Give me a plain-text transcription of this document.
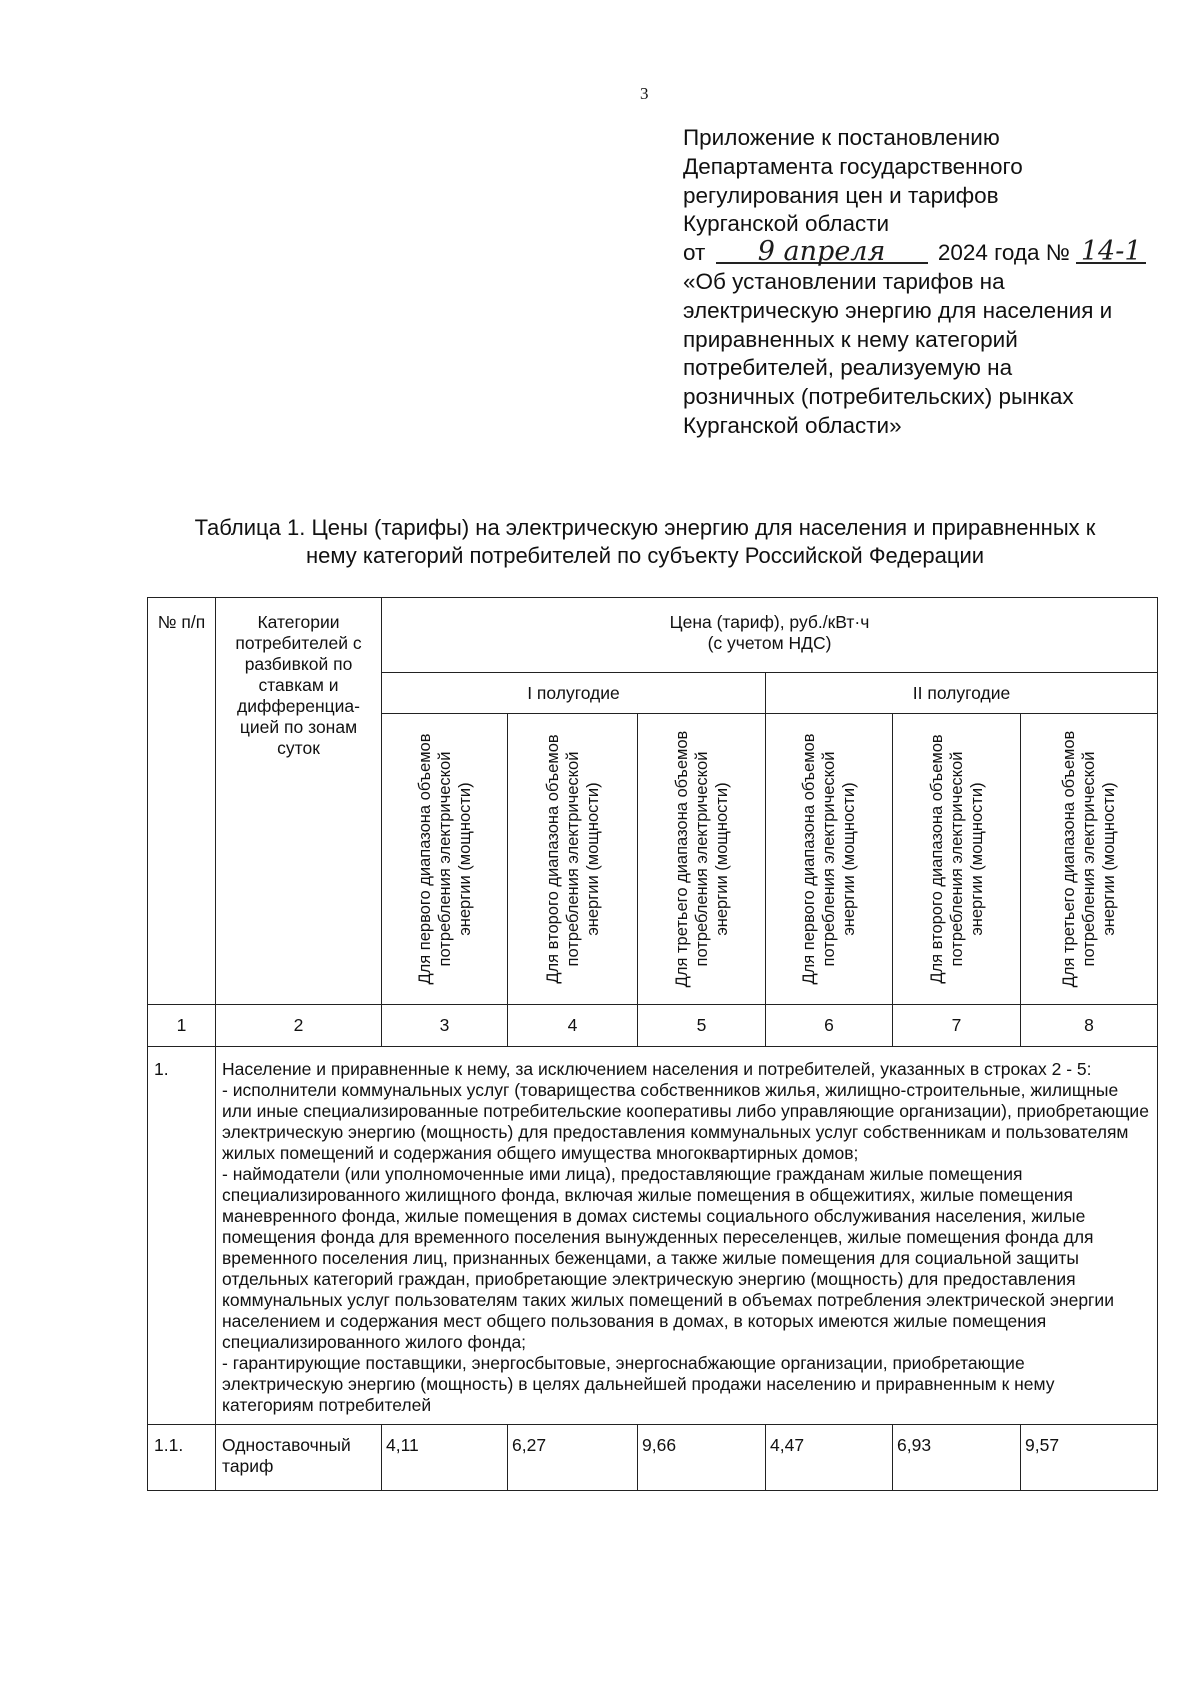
3
Приложение к постановлению
Департамента государственного
регулирования цен и тарифов
Курганской области
от 9 апреля 2024 года № 14-1
«Об установлении тарифов на
электрическую энергию для населения и
приравненных к нему категорий
потребителей, реализуемую на
розничных (потребительских) рынках
Курганской области»
Таблица 1. Цены (тарифы) на электрическую энергию для населения и приравненных к
нему категорий потребителей по субъекту Российской Федерации
№ п/п	Категории потребителей с разбивкой по ставкам и дифференциа-цией по зонам суток	Цена (тариф), руб./кВт·ч
(с учетом НДС)					

		I полугодие			II полугодие		

		Для первого диапазона объемов потребления электрической энергии (мощности)	Для второго диапазона объемов потребления электрической энергии (мощности)	Для третьего диапазона объемов потребления электрической энергии (мощности)	Для первого диапазона объемов потребления электрической энергии (мощности)	Для второго диапазона объемов потребления электрической энергии (мощности)	Для третьего диапазона объемов потребления электрической энергии (мощности)

1	2	3	4	5	6	7	8
1.	Население и приравненные к нему, за исключением населения и потребителей, указанных в строках 2 - 5:
- исполнители коммунальных услуг (товарищества собственников жилья, жилищно-строительные, жилищные или иные специализированные потребительские кооперативы либо управляющие организации), приобретающие электрическую энергию (мощность) для предоставления коммунальных услуг собственникам и пользователям жилых помещений и содержания общего имущества многоквартирных домов;
- наймодатели (или уполномоченные ими лица), предоставляющие гражданам жилые помещения специализированного жилищного фонда, включая жилые помещения в общежитиях, жилые помещения маневренного фонда, жилые помещения в домах системы социального обслуживания населения, жилые помещения фонда для временного поселения вынужденных переселенцев, жилые помещения фонда для временного поселения лиц, признанных беженцами, а также жилые помещения для социальной защиты отдельных категорий граждан, приобретающие электрическую энергию (мощность) для предоставления коммунальных услуг пользователям таких жилых помещений в объемах потребления электрической энергии населением и содержания мест общего пользования в домах, в которых имеются жилые помещения специализированного жилого фонда;
- гарантирующие поставщики, энергосбытовые, энергоснабжающие организации, приобретающие электрическую энергию (мощность) в целях дальнейшей продажи населению и приравненным к нему категориям потребителей						

1.1.	Одноставочный тариф	4,11	6,27	9,66	4,47	6,93	9,57
